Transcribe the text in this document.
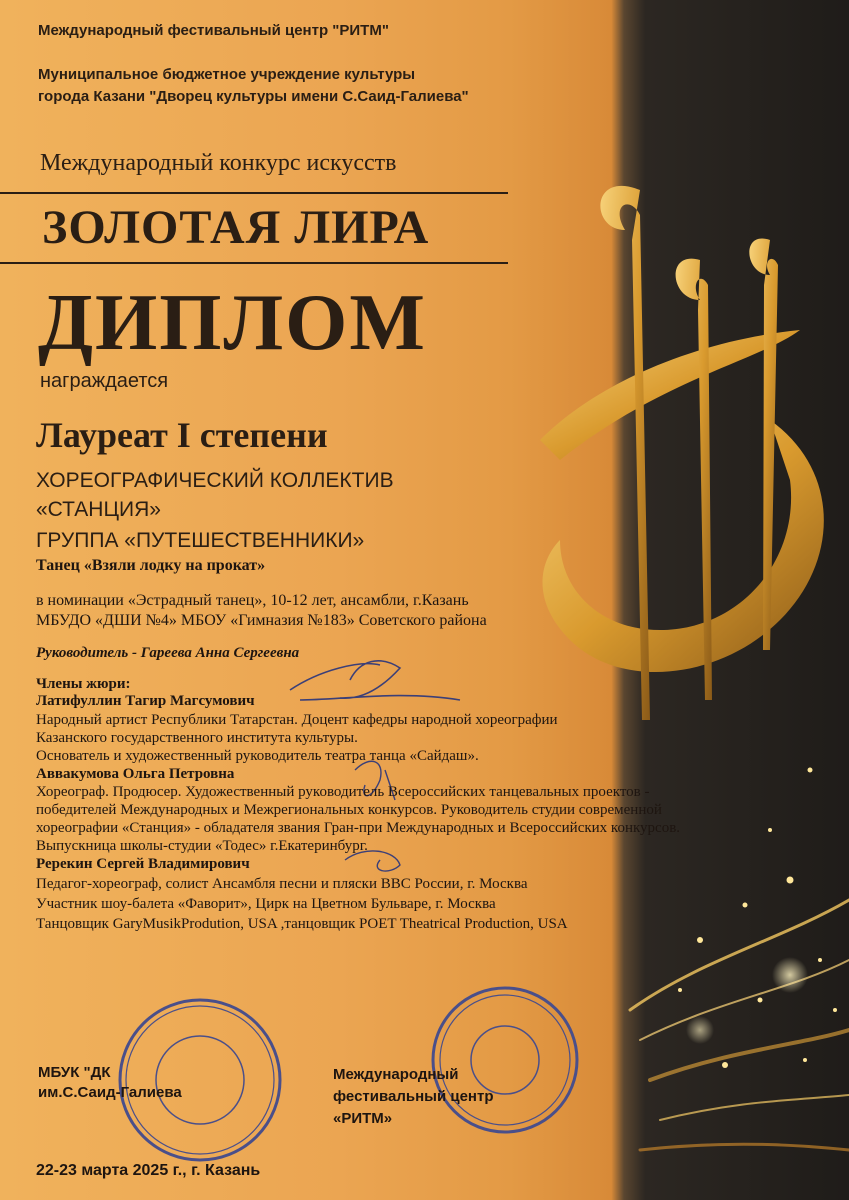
Международный фестивальный центр "РИТМ"
Муниципальное бюджетное учреждение культуры
города Казани "Дворец культуры имени С.Саид-Галиева"
Международный конкурс искусств
ЗОЛОТАЯ ЛИРА
ДИПЛОМ
награждается
Лауреат I степени
ХОРЕОГРАФИЧЕСКИЙ КОЛЛЕКТИВ
«СТАНЦИЯ»
ГРУППА «ПУТЕШЕСТВЕННИКИ»
Танец «Взяли лодку на прокат»
в номинации «Эстрадный танец», 10-12 лет, ансамбли, г.Казань
МБУДО «ДШИ №4» МБОУ «Гимназия №183» Советского района
Руководитель - Гареева Анна Сергеевна
Члены жюри:
Латифуллин Тагир Магсумович
Народный артист Республики Татарстан. Доцент кафедры народной хореографии
Казанского государственного института культуры.
Основатель и художественный руководитель театра танца «Сайдаш».
Аввакумова Ольга Петровна
Хореограф. Продюсер. Художественный руководитель Всероссийских танцевальных проектов -
победителей Международных и Межрегиональных конкурсов. Руководитель студии современной
хореографии «Станция» - обладателя звания Гран-при Международных и Всероссийских конкурсов.
Выпускница школы-студии «Тодес» г.Екатеринбург.
Ререкин Сергей Владимирович
Педагог-хореограф, солист Ансамбля песни и пляски ВВС России, г. Москва
Участник шоу-балета «Фаворит», Цирк на Цветном Бульваре, г. Москва
Танцовщик GaryMusikProdution, USA ,танцовщик POET Theatrical Production, USA
МБУК "ДК
им.С.Саид-Галиева
Международный
фестивальный центр
«РИТМ»
22-23 марта 2025 г., г. Казань
